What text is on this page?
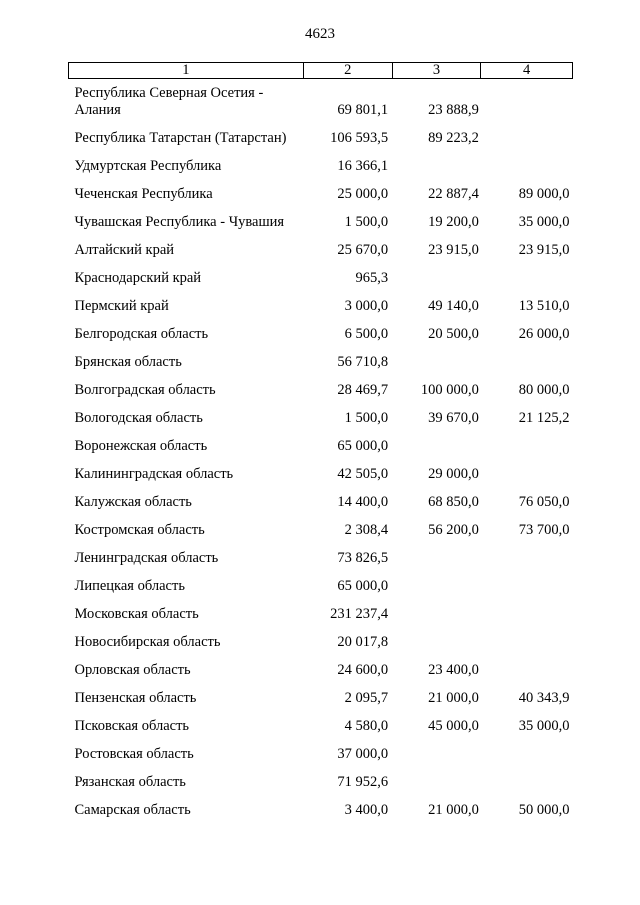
4623
1	2	3	4
Республика Северная Осетия -
Алания	69 801,1	23 888,9	
Республика Татарстан (Татарстан)	106 593,5	89 223,2	
Удмуртская Республика	16 366,1		
Чеченская Республика	25 000,0	22 887,4	89 000,0
Чувашская Республика - Чувашия	1 500,0	19 200,0	35 000,0
Алтайский край	25 670,0	23 915,0	23 915,0
Краснодарский край	965,3		
Пермский край	3 000,0	49 140,0	13 510,0
Белгородская область	6 500,0	20 500,0	26 000,0
Брянская область	56 710,8		
Волгоградская область	28 469,7	100 000,0	80 000,0
Вологодская область	1 500,0	39 670,0	21 125,2
Воронежская область	65 000,0		
Калининградская область	42 505,0	29 000,0	
Калужская область	14 400,0	68 850,0	76 050,0
Костромская область	2 308,4	56 200,0	73 700,0
Ленинградская область	73 826,5		
Липецкая область	65 000,0		
Московская область	231 237,4		
Новосибирская область	20 017,8		
Орловская область	24 600,0	23 400,0	
Пензенская область	2 095,7	21 000,0	40 343,9
Псковская область	4 580,0	45 000,0	35 000,0
Ростовская область	37 000,0		
Рязанская область	71 952,6		
Самарская область	3 400,0	21 000,0	50 000,0
